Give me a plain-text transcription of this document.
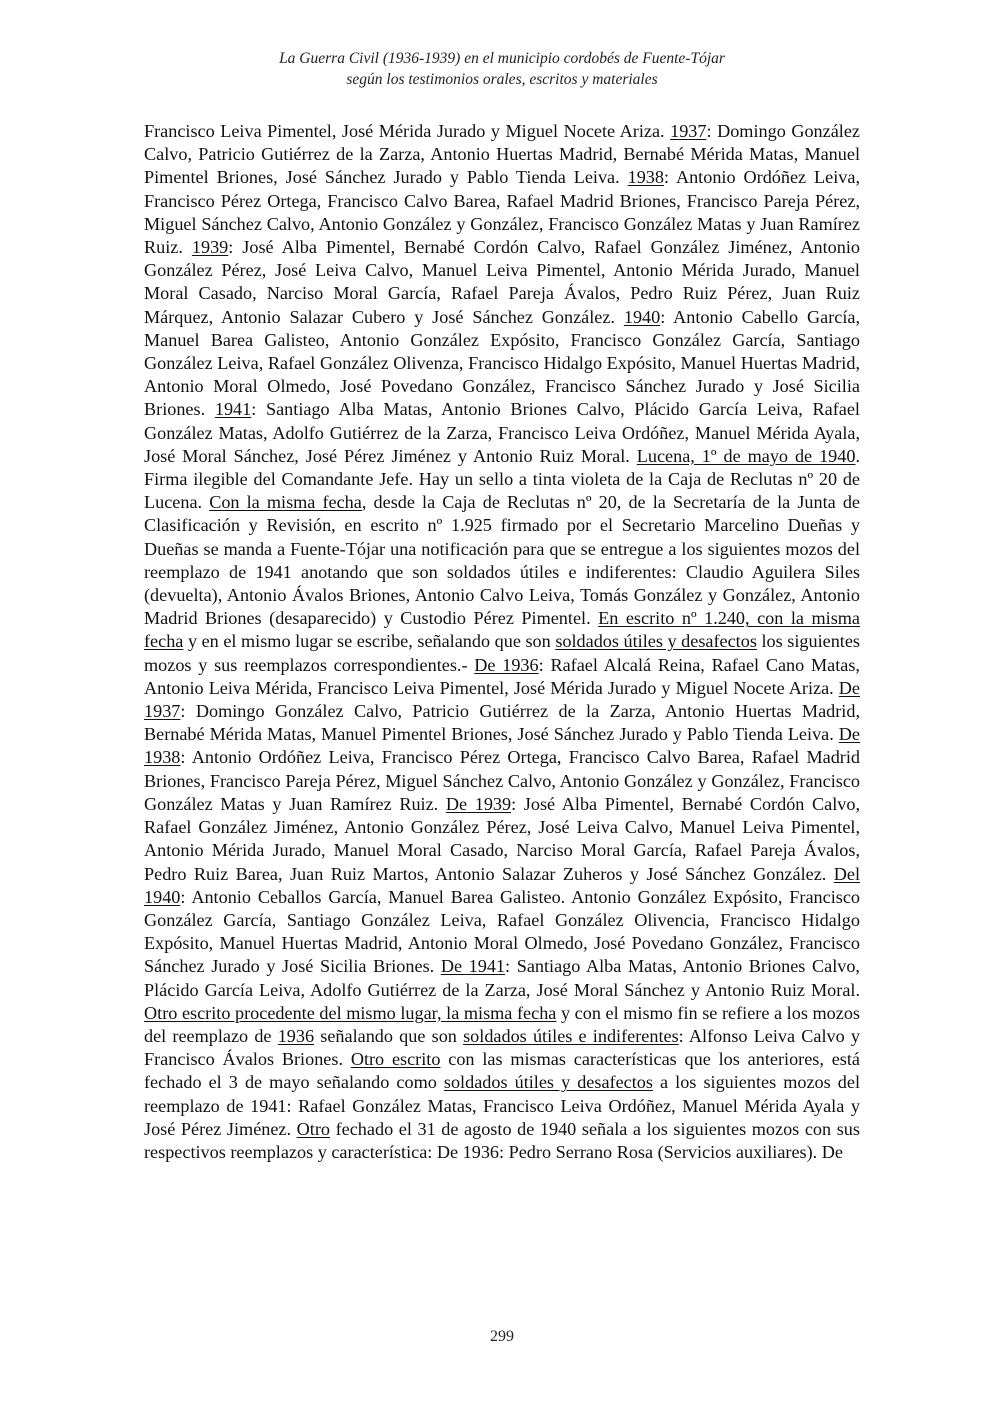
La Guerra Civil (1936-1939) en el municipio cordobés de Fuente-Tójar
según los testimonios orales, escritos y materiales

Francisco Leiva Pimentel, José Mérida Jurado y Miguel Nocete Ariza. 1937: Domingo González Calvo, Patricio Gutiérrez de la Zarza, Antonio Huertas Madrid, Bernabé Mérida Matas, Manuel Pimentel Briones, José Sánchez Jurado y Pablo Tienda Leiva. 1938: Antonio Ordóñez Leiva, Francisco Pérez Ortega, Francisco Calvo Barea, Rafael Madrid Briones, Francisco Pareja Pérez, Miguel Sánchez Calvo, Antonio González y González, Francisco González Matas y Juan Ramírez Ruiz. 1939: José Alba Pimentel, Bernabé Cordón Calvo, Rafael González Jiménez, Antonio González Pérez, José Leiva Calvo, Manuel Leiva Pimentel, Antonio Mérida Jurado, Manuel Moral Casado, Narciso Moral García, Rafael Pareja Ávalos, Pedro Ruiz Pérez, Juan Ruiz Márquez, Antonio Salazar Cubero y José Sánchez González. 1940: Antonio Cabello García, Manuel Barea Galisteo, Antonio González Expósito, Francisco González García, Santiago González Leiva, Rafael González Olivenza, Francisco Hidalgo Expósito, Manuel Huertas Madrid, Antonio Moral Olmedo, José Povedano González, Francisco Sánchez Jurado y José Sicilia Briones. 1941: Santiago Alba Matas, Antonio Briones Calvo, Plácido García Leiva, Rafael González Matas, Adolfo Gutiérrez de la Zarza, Francisco Leiva Ordóñez, Manuel Mérida Ayala, José Moral Sánchez, José Pérez Jiménez y Antonio Ruiz Moral. Lucena, 1º de mayo de 1940. Firma ilegible del Comandante Jefe. Hay un sello a tinta violeta de la Caja de Reclutas nº 20 de Lucena. Con la misma fecha, desde la Caja de Reclutas nº 20, de la Secretaría de la Junta de Clasificación y Revisión, en escrito nº 1.925 firmado por el Secretario Marcelino Dueñas y Dueñas se manda a Fuente-Tójar una notificación para que se entregue a los siguientes mozos del reemplazo de 1941 anotando que son soldados útiles e indiferentes: Claudio Aguilera Siles (devuelta), Antonio Ávalos Briones, Antonio Calvo Leiva, Tomás González y González, Antonio Madrid Briones (desaparecido) y Custodio Pérez Pimentel. En escrito nº 1.240, con la misma fecha y en el mismo lugar se escribe, señalando que son soldados útiles y desafectos los siguientes mozos y sus reemplazos correspondientes.- De 1936: Rafael Alcalá Reina, Rafael Cano Matas, Antonio Leiva Mérida, Francisco Leiva Pimentel, José Mérida Jurado y Miguel Nocete Ariza. De 1937: Domingo González Calvo, Patricio Gutiérrez de la Zarza, Antonio Huertas Madrid, Bernabé Mérida Matas, Manuel Pimentel Briones, José Sánchez Jurado y Pablo Tienda Leiva. De 1938: Antonio Ordóñez Leiva, Francisco Pérez Ortega, Francisco Calvo Barea, Rafael Madrid Briones, Francisco Pareja Pérez, Miguel Sánchez Calvo, Antonio González y González, Francisco González Matas y Juan Ramírez Ruiz. De 1939: José Alba Pimentel, Bernabé Cordón Calvo, Rafael González Jiménez, Antonio González Pérez, José Leiva Calvo, Manuel Leiva Pimentel, Antonio Mérida Jurado, Manuel Moral Casado, Narciso Moral García, Rafael Pareja Ávalos, Pedro Ruiz Barea, Juan Ruiz Martos, Antonio Salazar Zuheros y José Sánchez González. Del 1940: Antonio Ceballos García, Manuel Barea Galisteo. Antonio González Expósito, Francisco González García, Santiago González Leiva, Rafael González Olivencia, Francisco Hidalgo Expósito, Manuel Huertas Madrid, Antonio Moral Olmedo, José Povedano González, Francisco Sánchez Jurado y José Sicilia Briones. De 1941: Santiago Alba Matas, Antonio Briones Calvo, Plácido García Leiva, Adolfo Gutiérrez de la Zarza, José Moral Sánchez y Antonio Ruiz Moral. Otro escrito procedente del mismo lugar, la misma fecha y con el mismo fin se refiere a los mozos del reemplazo de 1936 señalando que son soldados útiles e indiferentes: Alfonso Leiva Calvo y Francisco Ávalos Briones. Otro escrito con las mismas características que los anteriores, está fechado el 3 de mayo señalando como soldados útiles y desafectos a los siguientes mozos del reemplazo de 1941: Rafael González Matas, Francisco Leiva Ordóñez, Manuel Mérida Ayala y José Pérez Jiménez. Otro fechado el 31 de agosto de 1940 señala a los siguientes mozos con sus respectivos reemplazos y característica: De 1936: Pedro Serrano Rosa (Servicios auxiliares). De

299
